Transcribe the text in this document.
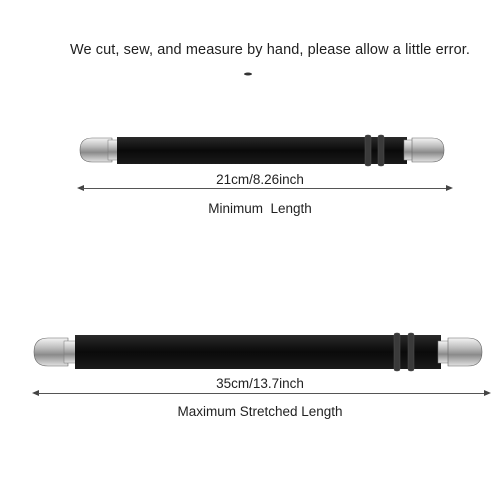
We cut, sew, and measure by hand, please allow a little error.
21cm/8.26inch
Minimum  Length
35cm/13.7inch
Maximum Stretched Length
